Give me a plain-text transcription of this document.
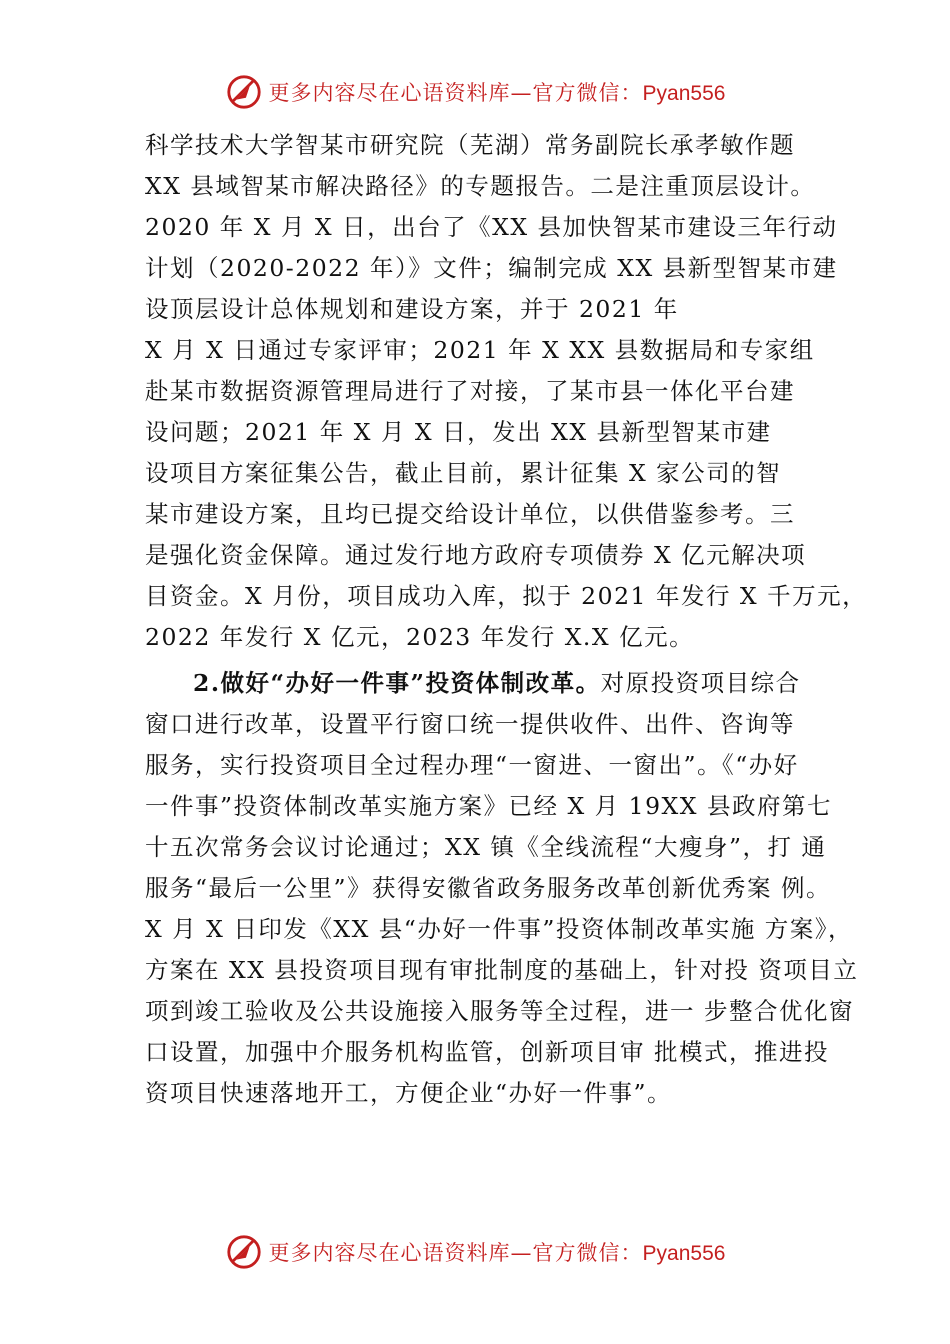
更多内容尽在心语资料库—官方微信：Pyan556
科学技术大学智某市研究院（芜湖）常务副院长承孝敏作题
XX 县域智某市解决路径》的专题报告。二是注重顶层设计。
2020 年 X 月 X 日，出台了《XX 县加快智某市建设三年行动
计划（2020-2022 年）》文件；编制完成 XX 县新型智某市建
设顶层设计总体规划和建设方案，并于 2021 年
X 月 X 日通过专家评审；2021 年 X XX 县数据局和专家组
赴某市数据资源管理局进行了对接，了某市县一体化平台建
设问题；2021 年 X 月 X 日，发出 XX 县新型智某市建
设项目方案征集公告，截止目前，累计征集 X 家公司的智
某市建设方案，且均已提交给设计单位，以供借鉴参考。三
是强化资金保障。通过发行地方政府专项债券 X 亿元解决项
目资金。X 月份，项目成功入库，拟于 2021 年发行 X 千万元，
2022 年发行 X 亿元，2023 年发行 X.X 亿元。
2.做好“办好一件事”投资体制改革。对原投资项目综合
窗口进行改革，设置平行窗口统一提供收件、出件、咨询等
服务，实行投资项目全过程办理“一窗进、一窗出”。《“办好
一件事”投资体制改革实施方案》已经 X 月 19XX 县政府第七
十五次常务会议讨论通过；XX 镇《全线流程“大瘦身”，打 通
服务“最后一公里”》获得安徽省政务服务改革创新优秀案 例。
X 月 X 日印发《XX 县“办好一件事”投资体制改革实施 方案》，
方案在 XX 县投资项目现有审批制度的基础上，针对投 资项目立
项到竣工验收及公共设施接入服务等全过程，进一 步整合优化窗
口设置，加强中介服务机构监管，创新项目审 批模式，推进投
资项目快速落地开工，方便企业“办好一件事”。
更多内容尽在心语资料库—官方微信：Pyan556
